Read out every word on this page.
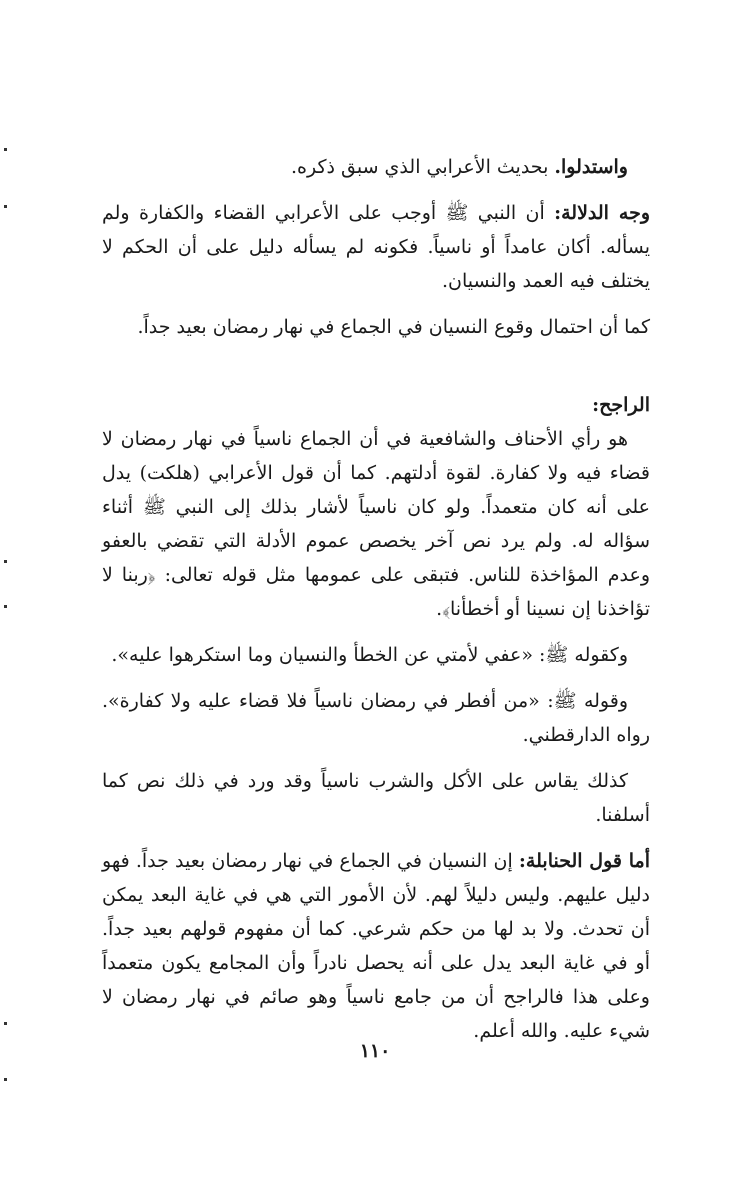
واستدلوا. بحديث الأعرابي الذي سبق ذكره.

وجه الدلالة: أن النبي ﷺ أوجب على الأعرابي القضاء والكفارة ولم يسأله. أكان عامداً أو ناسياً. فكونه لم يسأله دليل على أن الحكم لا يختلف فيه العمد والنسيان.

كما أن احتمال وقوع النسيان في الجماع في نهار رمضان بعيد جداً.

الراجح:

هو رأي الأحناف والشافعية في أن الجماع ناسياً في نهار رمضان لا قضاء فيه ولا كفارة. لقوة أدلتهم. كما أن قول الأعرابي (هلكت) يدل على أنه كان متعمداً. ولو كان ناسياً لأشار بذلك إلى النبي ﷺ أثناء سؤاله له. ولم يرد نص آخر يخصص عموم الأدلة التي تقضي بالعفو وعدم المؤاخذة للناس. فتبقى على عمومها مثل قوله تعالى: ﴿ربنا لا تؤاخذنا إن نسينا أو أخطأنا﴾.

وكقوله ﷺ: «عفي لأمتي عن الخطأ والنسيان وما استكرهوا عليه».

وقوله ﷺ: «من أفطر في رمضان ناسياً فلا قضاء عليه ولا كفارة». رواه الدارقطني.

كذلك يقاس على الأكل والشرب ناسياً وقد ورد في ذلك نص كما أسلفنا.

أما قول الحنابلة: إن النسيان في الجماع في نهار رمضان بعيد جداً. فهو دليل عليهم. وليس دليلاً لهم. لأن الأمور التي هي في غاية البعد يمكن أن تحدث. ولا بد لها من حكم شرعي. كما أن مفهوم قولهم بعيد جداً. أو في غاية البعد يدل على أنه يحصل نادراً وأن المجامع يكون متعمداً وعلى هذا فالراجح أن من جامع ناسياً وهو صائم في نهار رمضان لا شيء عليه. والله أعلم.

١١٠
